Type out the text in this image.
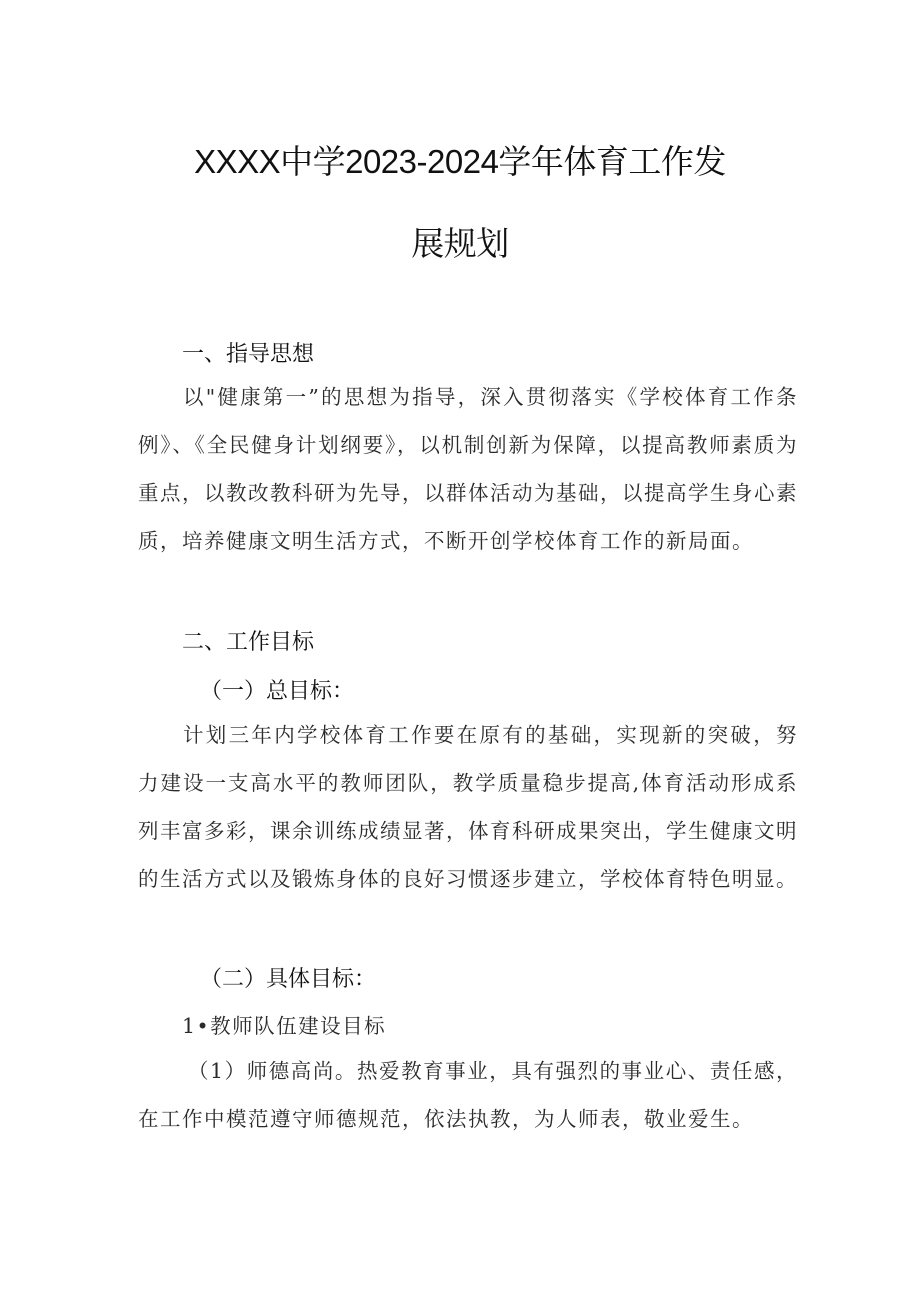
XXXX中学2023-2024学年体育工作发
展规划
一、指导思想

以"健康第一”的思想为指导，深入贯彻落实《学校体育工作条例》、《全民健身计划纲要》，以机制创新为保障，以提高教师素质为重点，以教改教科研为先导，以群体活动为基础，以提高学生身心素质，培养健康文明生活方式，不断开创学校体育工作的新局面。

二、工作目标
（一）总目标：

计划三年内学校体育工作要在原有的基础，实现新的突破，努力建设一支高水平的教师团队，教学质量稳步提高,体育活动形成系列丰富多彩，课余训练成绩显著，体育科研成果突出，学生健康文明的生活方式以及锻炼身体的良好习惯逐步建立，学校体育特色明显。

（二）具体目标：
1•教师队伍建设目标

（1）师德高尚。热爱教育事业，具有强烈的事业心、责任感，在工作中模范遵守师德规范，依法执教，为人师表，敬业爱生。
